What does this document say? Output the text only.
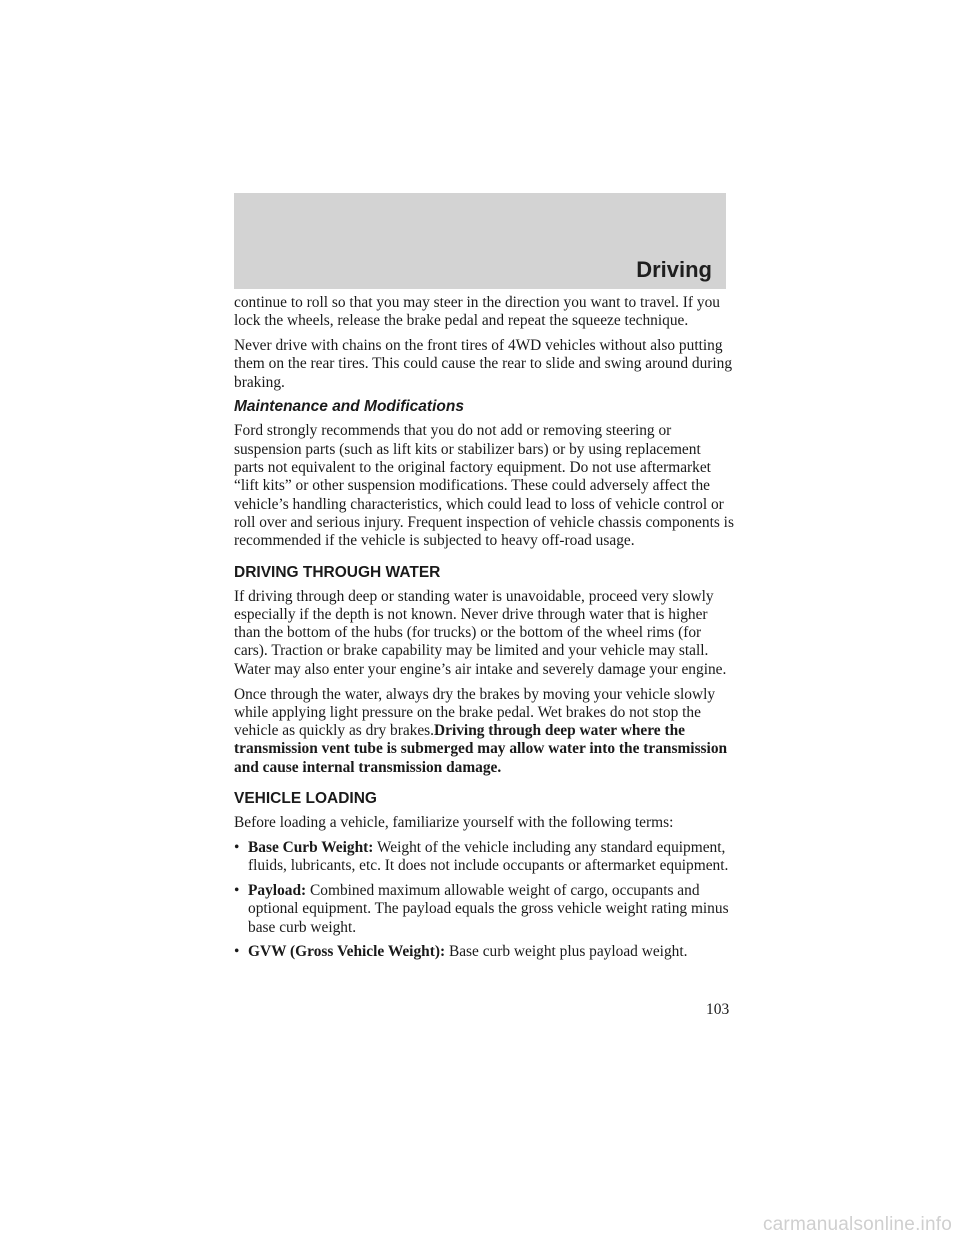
Driving

continue to roll so that you may steer in the direction you want to travel. If you lock the wheels, release the brake pedal and repeat the squeeze technique.

Never drive with chains on the front tires of 4WD vehicles without also putting them on the rear tires. This could cause the rear to slide and swing around during braking.

Maintenance and Modifications

Ford strongly recommends that you do not add or removing steering or suspension parts (such as lift kits or stabilizer bars) or by using replacement parts not equivalent to the original factory equipment. Do not use aftermarket “lift kits” or other suspension modifications. These could adversely affect the vehicle’s handling characteristics, which could lead to loss of vehicle control or roll over and serious injury. Frequent inspection of vehicle chassis components is recommended if the vehicle is subjected to heavy off-road usage.

DRIVING THROUGH WATER

If driving through deep or standing water is unavoidable, proceed very slowly especially if the depth is not known. Never drive through water that is higher than the bottom of the hubs (for trucks) or the bottom of the wheel rims (for cars). Traction or brake capability may be limited and your vehicle may stall. Water may also enter your engine’s air intake and severely damage your engine.

Once through the water, always dry the brakes by moving your vehicle slowly while applying light pressure on the brake pedal. Wet brakes do not stop the vehicle as quickly as dry brakes.Driving through deep water where the transmission vent tube is submerged may allow water into the transmission and cause internal transmission damage.

VEHICLE LOADING

Before loading a vehicle, familiarize yourself with the following terms:

• Base Curb Weight: Weight of the vehicle including any standard equipment, fluids, lubricants, etc. It does not include occupants or aftermarket equipment.
• Payload: Combined maximum allowable weight of cargo, occupants and optional equipment. The payload equals the gross vehicle weight rating minus base curb weight.
• GVW (Gross Vehicle Weight): Base curb weight plus payload weight.
103
carmanualsonline.info
